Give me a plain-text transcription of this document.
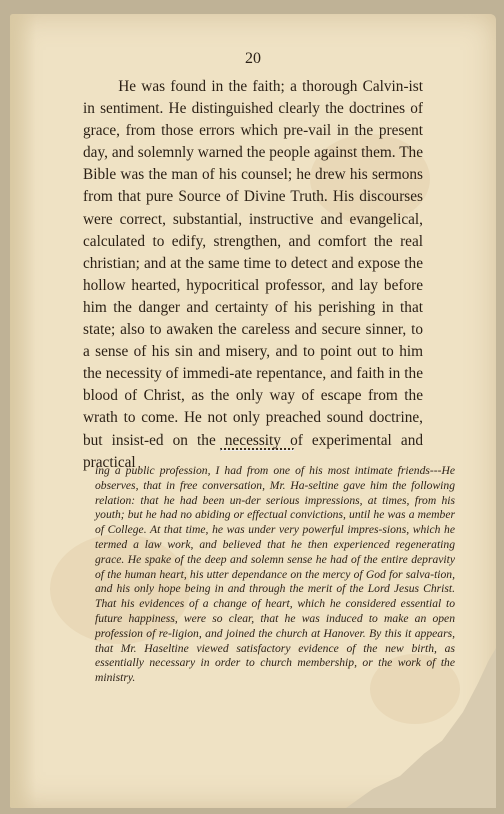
20

He was found in the faith; a thorough Calvin-ist in sentiment. He distinguished clearly the doctrines of grace, from those errors which pre-vail in the present day, and solemnly warned the people against them. The Bible was the man of his counsel; he drew his sermons from that pure Source of Divine Truth. His discourses were correct, substantial, instructive and evangelical, calculated to edify, strengthen, and comfort the real christian; and at the same time to detect and expose the hollow hearted, hypocritical professor, and lay before him the danger and certainty of his perishing in that state; also to awaken the careless and secure sinner, to a sense of his sin and misery, and to point out to him the necessity of immedi-ate repentance, and faith in the blood of Christ, as the only way of escape from the wrath to come. He not only preached sound doctrine, but insist-ed on the necessity of experimental and practical

ing a public profession, I had from one of his most intimate friends---He observes, that in free conversation, Mr. Ha-seltine gave him the following relation: that he had been un-der serious impressions, at times, from his youth; but he had no abiding or effectual convictions, until he was a member of College. At that time, he was under very powerful impres-sions, which he termed a law work, and believed that he then experienced regenerating grace. He spake of the deep and solemn sense he had of the entire depravity of the human heart, his utter dependance on the mercy of God for salva-tion, and his only hope being in and through the merit of the Lord Jesus Christ. That his evidences of a change of heart, which he considered essential to future happiness, were so clear, that he was induced to make an open profession of re-ligion, and joined the church at Hanover. By this it appears, that Mr. Haseltine viewed satisfactory evidence of the new birth, as essentially necessary in order to church membership, or the work of the ministry.
